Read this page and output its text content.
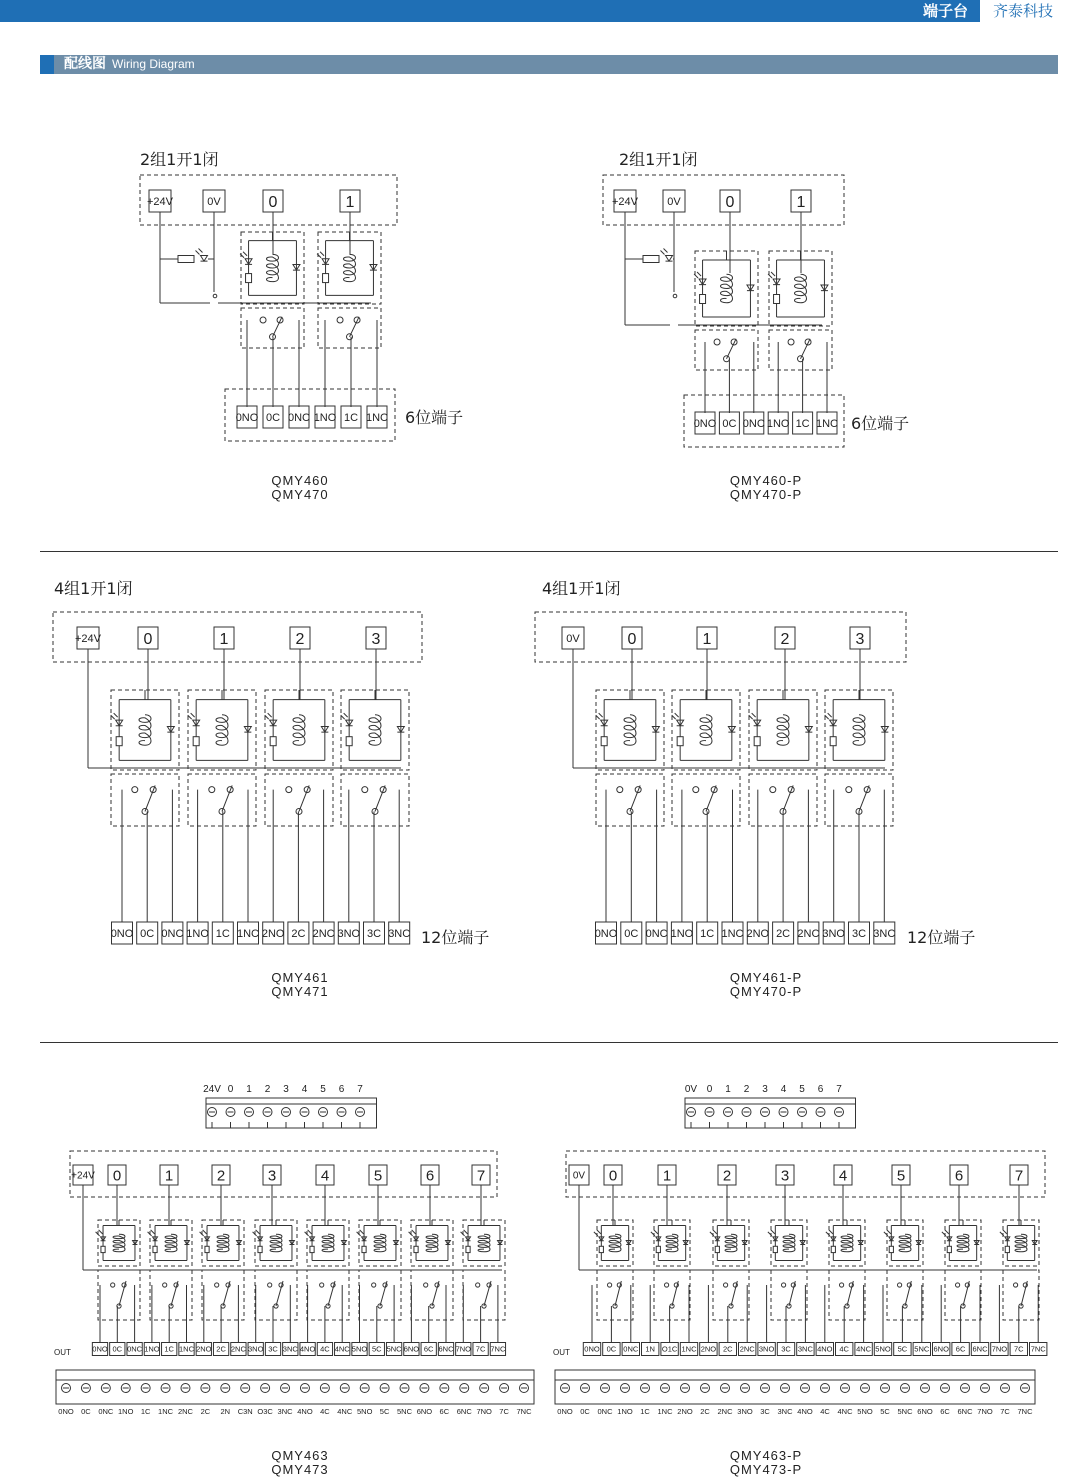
端子台	齐泰科技
配线图 Wiring Diagram
2组1开1闭
+24V	0V	0	1
0NO 0C 0NC 1NO 1C 1NC 6位端子
QMY460
QMY470
2组1开1闭
+24V	0V	0	1
0NO 0C 0NC 1NO 1C 1NC 6位端子
QMY460-P
QMY470-P
4组1开1闭
+24V	0	1	2	3
0NO 0C 0NC 1NO 1C 1NC 2NO 2C 2NC 3NO 3C 3NC 12位端子
QMY461
QMY471
4组1开1闭
0V	0	1	2	3
0NO 0C 0NC 1NO 1C 1NC 2NO 2C 2NC 3NO 3C 3NC 12位端子
QMY461-P
QMY470-P
24V 0 1 2 3 4 5 6 7
+24V 0	1	2	3	4	5	6	7
OUT	0NO 0C 0NC 1NO 1C 1NC 2NO 2C 2NC 3NO 3C 3NC 4NO 4C 4NC 5NO 5C 5NC 6NO 6C 6NC 7NO 7C 7NC
0NO 0C 0NC 1NO 1C 1NC 2NC 2C 2N C3N O3C 3NC 4NO 4C 4NC 5NO 5C 5NC 6NO 6C 6NC 7NO 7C 7NC
QMY463
QMY473
0V 0 1 2 3 4 5 6 7
0V 0	1	2	3	4	5	6	7
OUT 0NO 0C 0NC 1N O1C 1NC 2NO 2C 2NC 3NO 3C 3NC 4NO 4C 4NC 5NO 5C 5NC 6NO 6C 6NC 7NO 7C 7NC
0NO 0C 0NC 1NO 1C 1NC 2NO 2C 2NC 3NO 3C 3NC 4NO 4C 4NC 5NO 5C 5NC 6NO 6C 6NC 7NO 7C 7NC
QMY463-P
QMY473-P
